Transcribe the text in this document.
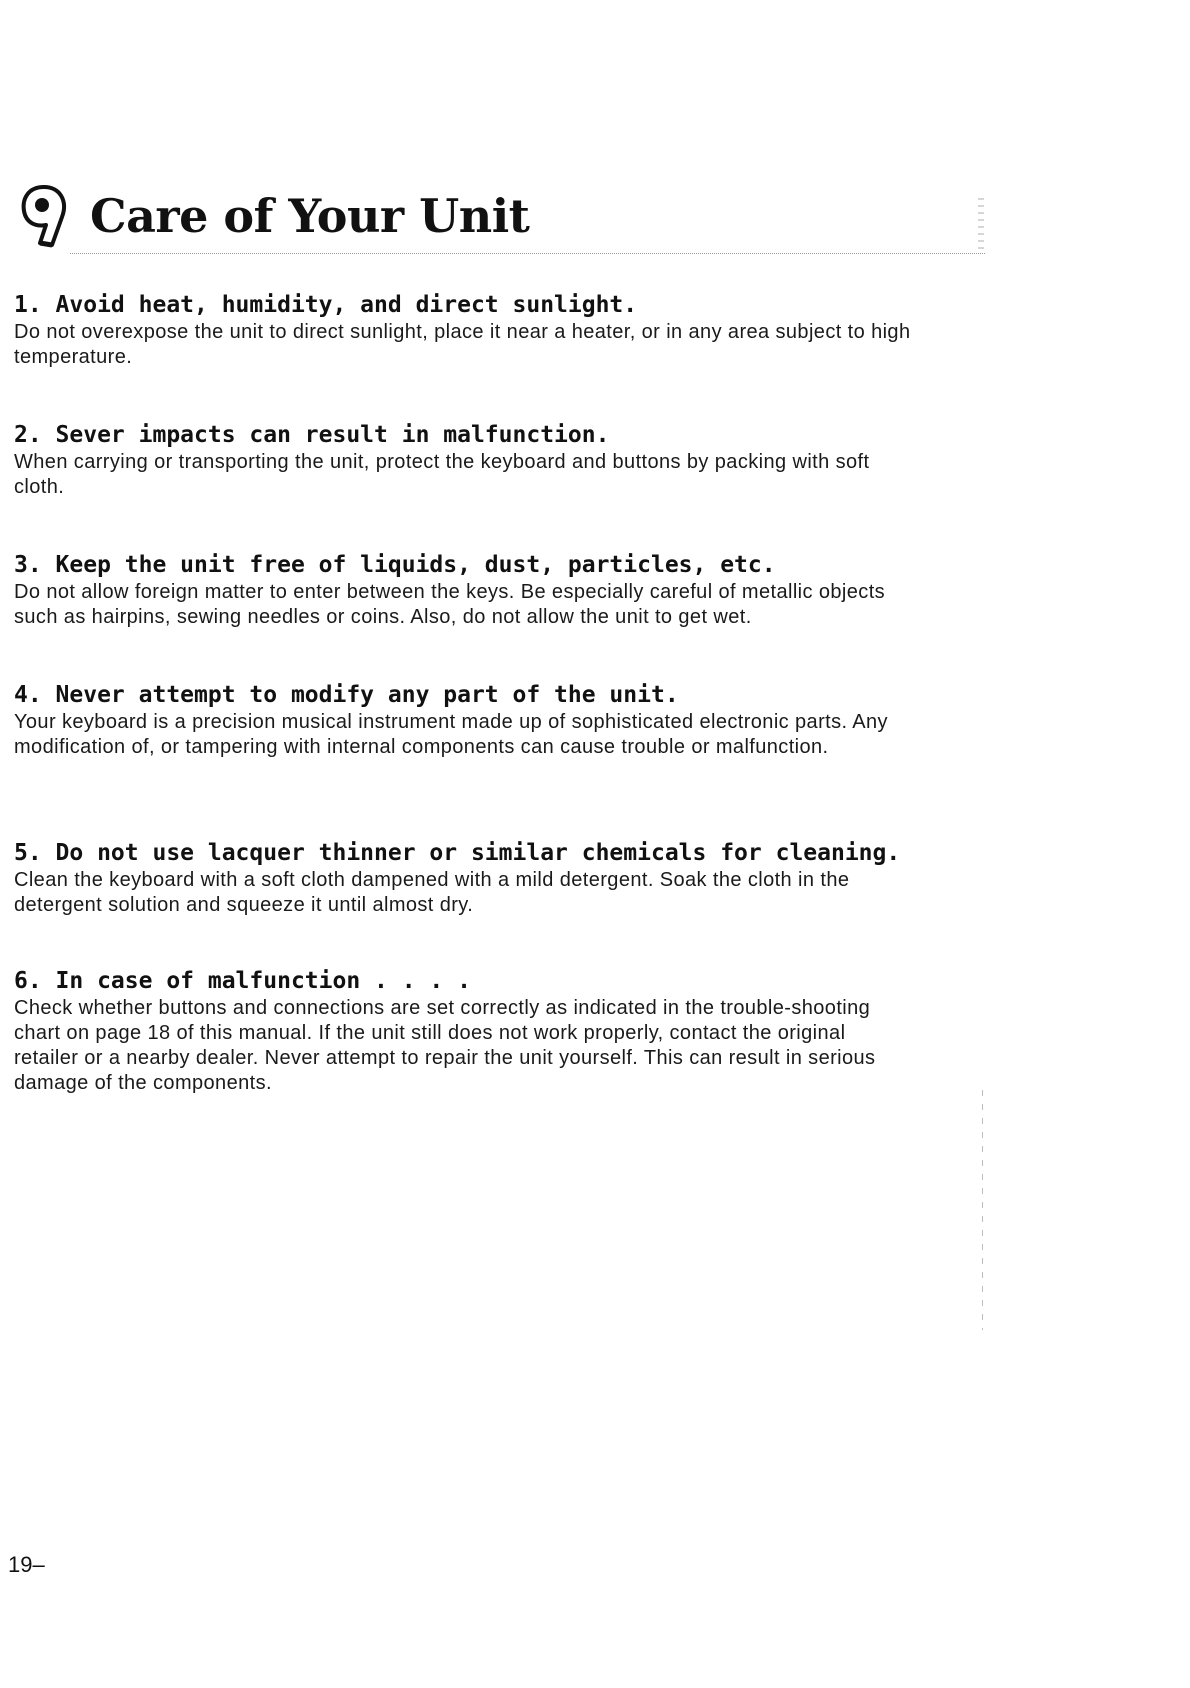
Care of Your Unit

1. Avoid heat, humidity, and direct sunlight.

Do not overexpose the unit to direct sunlight, place it near a heater, or in any area subject to high temperature.

2. Sever impacts can result in malfunction.

When carrying or transporting the unit, protect the keyboard and buttons by packing with soft cloth.

3. Keep the unit free of liquids, dust, particles, etc.

Do not allow foreign matter to enter between the keys. Be especially careful of metallic objects such as hairpins, sewing needles or coins. Also, do not allow the unit to get wet.

4. Never attempt to modify any part of the unit.

Your keyboard is a precision musical instrument made up of sophisticated electronic parts. Any modification of, or tampering with internal components can cause trouble or malfunction.

5. Do not use lacquer thinner or similar chemicals for cleaning.

Clean the keyboard with a soft cloth dampened with a mild detergent. Soak the cloth in the detergent solution and squeeze it until almost dry.

6. In case of malfunction . . . .

Check whether buttons and connections are set correctly as indicated in the trouble-shooting chart on page 18 of this manual. If the unit still does not work properly, contact the original retailer or a nearby dealer. Never attempt to repair the unit yourself. This can result in serious damage of the components.

19–
